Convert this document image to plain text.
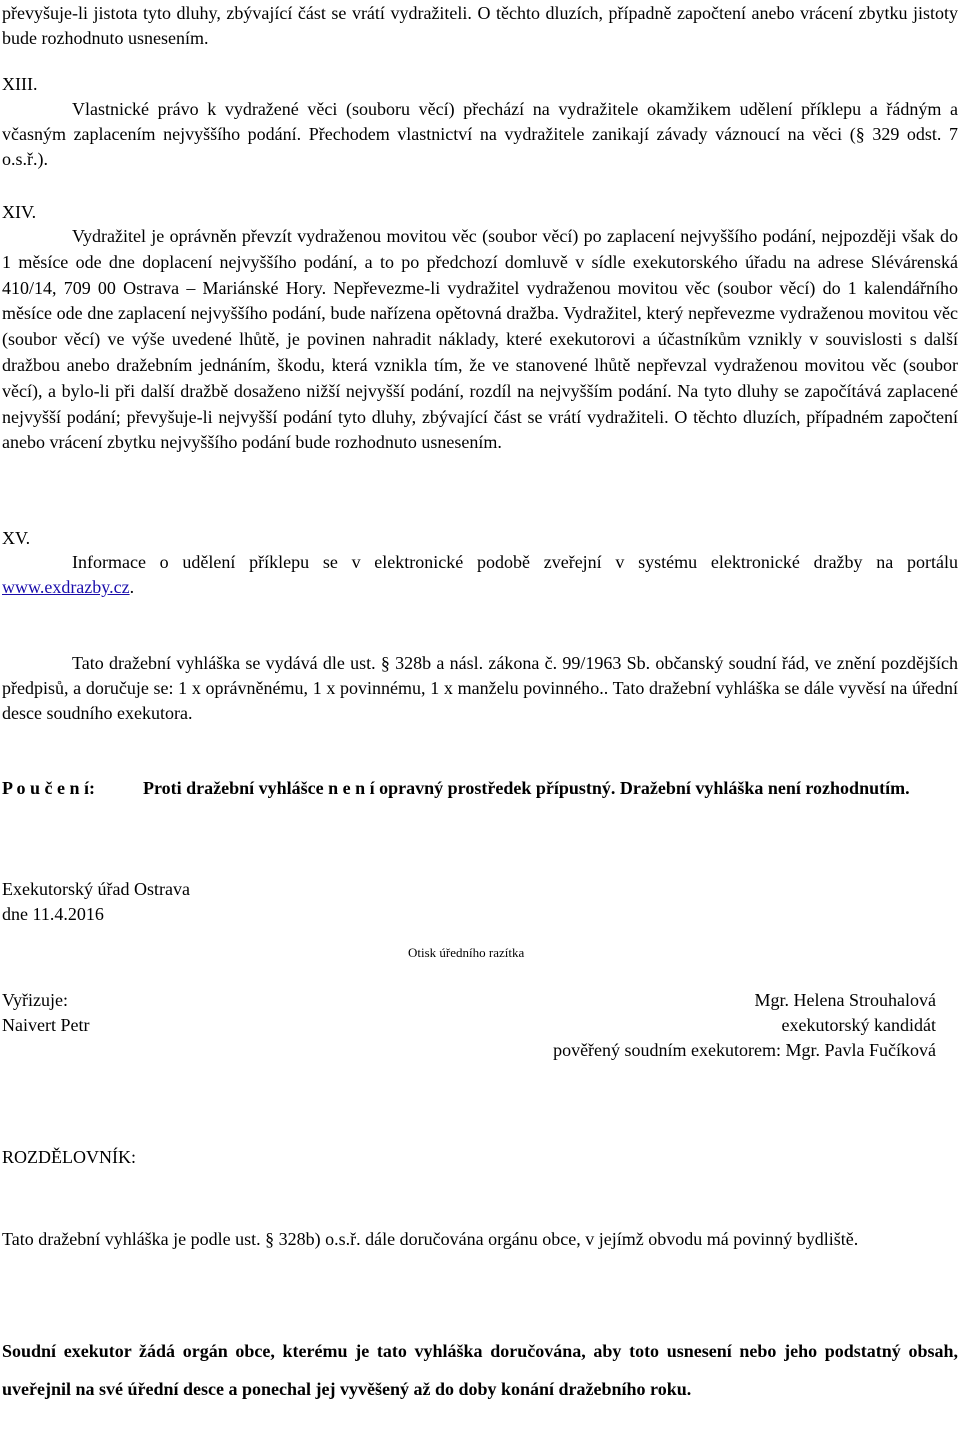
převyšuje-li jistota tyto dluhy, zbývající část se vrátí vydražiteli. O těchto dluzích, případně započtení anebo vrácení zbytku jistoty bude rozhodnuto usnesením.

XIII.

Vlastnické právo k vydražené věci (souboru věcí) přechází na vydražitele okamžikem udělení příklepu a řádným a včasným zaplacením nejvyššího podání. Přechodem vlastnictví na vydražitele zanikají závady váznoucí na věci (§ 329 odst. 7 o.s.ř.).

XIV.

Vydražitel je oprávněn převzít vydraženou movitou věc (soubor věcí) po zaplacení nejvyššího podání, nejpozději však do 1 měsíce ode dne doplacení nejvyššího podání, a to po předchozí domluvě v sídle exekutorského úřadu na adrese Slévárenská 410/14, 709 00 Ostrava – Mariánské Hory. Nepřevezme-li vydražitel vydraženou movitou věc (soubor věcí) do 1 kalendářního měsíce ode dne zaplacení nejvyššího podání, bude nařízena opětovná dražba. Vydražitel, který nepřevezme vydraženou movitou věc (soubor věcí) ve výše uvedené lhůtě, je povinen nahradit náklady, které exekutorovi a účastníkům vznikly v souvislosti s další dražbou anebo dražebním jednáním, škodu, která vznikla tím, že ve stanovené lhůtě nepřevzal vydraženou movitou věc (soubor věcí), a bylo-li při další dražbě dosaženo nižší nejvyšší podání, rozdíl na nejvyšším podání. Na tyto dluhy se započítává zaplacené nejvyšší podání; převyšuje-li nejvyšší podání tyto dluhy, zbývající část se vrátí vydražiteli. O těchto dluzích, případném započtení anebo vrácení zbytku nejvyššího podání bude rozhodnuto usnesením.

XV.

Informace o udělení příklepu se v elektronické podobě zveřejní v systému elektronické dražby na portálu www.exdrazby.cz.

Tato dražební vyhláška se vydává dle ust. § 328b a násl. zákona č. 99/1963 Sb. občanský soudní řád, ve znění pozdějších předpisů, a doručuje se: 1 x oprávněnému, 1 x povinnému, 1 x manželu povinného.. Tato dražební vyhláška se dále vyvěsí na úřední desce soudního exekutora.

P o u č e n í:	Proti dražební vyhlášce n e n í opravný prostředek přípustný. Dražební vyhláška není rozhodnutím.

Exekutorský úřad Ostrava
dne 11.4.2016
Otisk úředního razítka
Vyřizuje:
Naivert Petr
Mgr. Helena Strouhalová
exekutorský kandidát
pověřený soudním exekutorem: Mgr. Pavla Fučíková
ROZDĚLOVNÍK:

Tato dražební vyhláška je podle ust. § 328b) o.s.ř. dále doručována orgánu obce, v jejímž obvodu má povinný bydliště.

Soudní exekutor žádá orgán obce, kterému je tato vyhláška doručována, aby toto usnesení nebo jeho podstatný obsah, uveřejnil na své úřední desce a ponechal jej vyvěšený až do doby konání dražebního roku.
